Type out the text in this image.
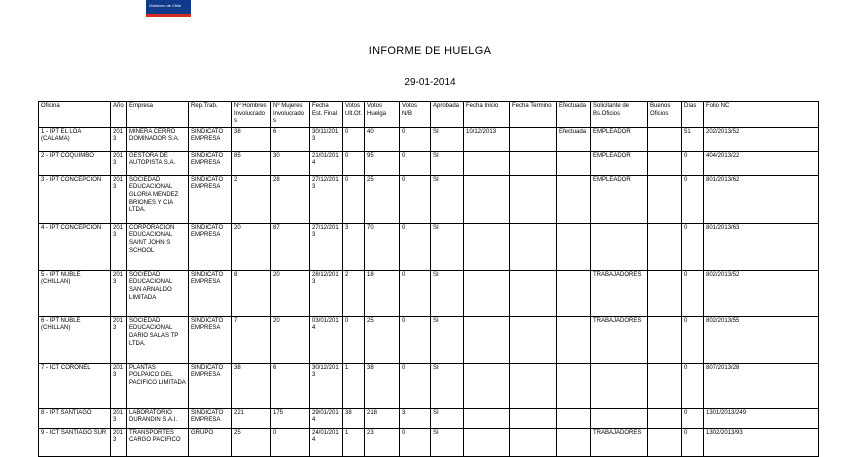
Gobierno de Chile
INFORME DE HUELGA
29-01-2014
Oficina	Año	Empresa	Rep.Trab.	Nº Hombres Involucrados	Nº Mujeres Involucrados	Fecha Est. Final	Votos Ult.Of.	Votos Huelga	Votos N/B	Aprobada	Fecha Inicio	Fecha Termino	Efectuada	Solicitante de Bs.Oficios	Buenos Oficios	Días	Folio NC
1 - IPT EL LOA (CALAMA)	2013	MINERA CERRO DOMINADOR S.A.	SINDICATO EMPRESA	38	6	30/11/2013	0	40	0	SI	10/12/2013		Efectuada	EMPLEADOR		51	202/2013/52
2 - IPT COQUIMBO	2013	GESTORA DE AUTOPISTA S.A.	SINDICATO EMPRESA	85	30	21/01/2014	0	95	0	SI				EMPLEADOR		0	404/2013/22
3 - IPT CONCEPCION	2013	SOCIEDAD EDUCACIONAL GLORIA MENDEZ BRIONES Y CIA LTDA.	SINDICATO EMPRESA	2	28	27/12/2013	0	25	0	SI				EMPLEADOR		0	801/2013/62
4 - IPT CONCEPCION	2013	CORPORACION EDUCACIONAL SAINT JOHN S SCHOOL	SINDICATO EMPRESA	20	87	27/12/2013	3	70	0	SI						0	801/2013/63
5 - IPT ÑUBLE (CHILLAN)	2013	SOCIEDAD EDUCACIONAL SAN ARNALDO LIMITADA	SINDICATO EMPRESA	8	20	28/12/2013	2	18	0	SI				TRABAJADORES		0	802/2013/52
6 - IPT ÑUBLE (CHILLAN)	2013	SOCIEDAD EDUCACIONAL DARIO SALAS TP LTDA.	SINDICATO EMPRESA	7	20	03/01/2014	0	25	0	SI				TRABAJADORES		0	802/2013/55
7 - ICT CORONEL	2013	PLANTAS POLPAICO DEL PACIFICO LIMITADA	SINDICATO EMPRESA	38	6	30/12/2013	1	38	0	SI						0	807/2013/28
8 - IPT SANTIAGO	2013	LABORATORIO DURANDIN S.A.I.	SINDICATO EMPRESA	221	175	29/01/2014	38	218	3	SI						0	1301/2013/249
9 - ICT SANTIAGO SUR	2013	TRANSPORTES CARGO PACIFICO	GRUPO	25	0	24/01/2014	1	23	0	SI				TRABAJADORES		0	1302/2013/93
